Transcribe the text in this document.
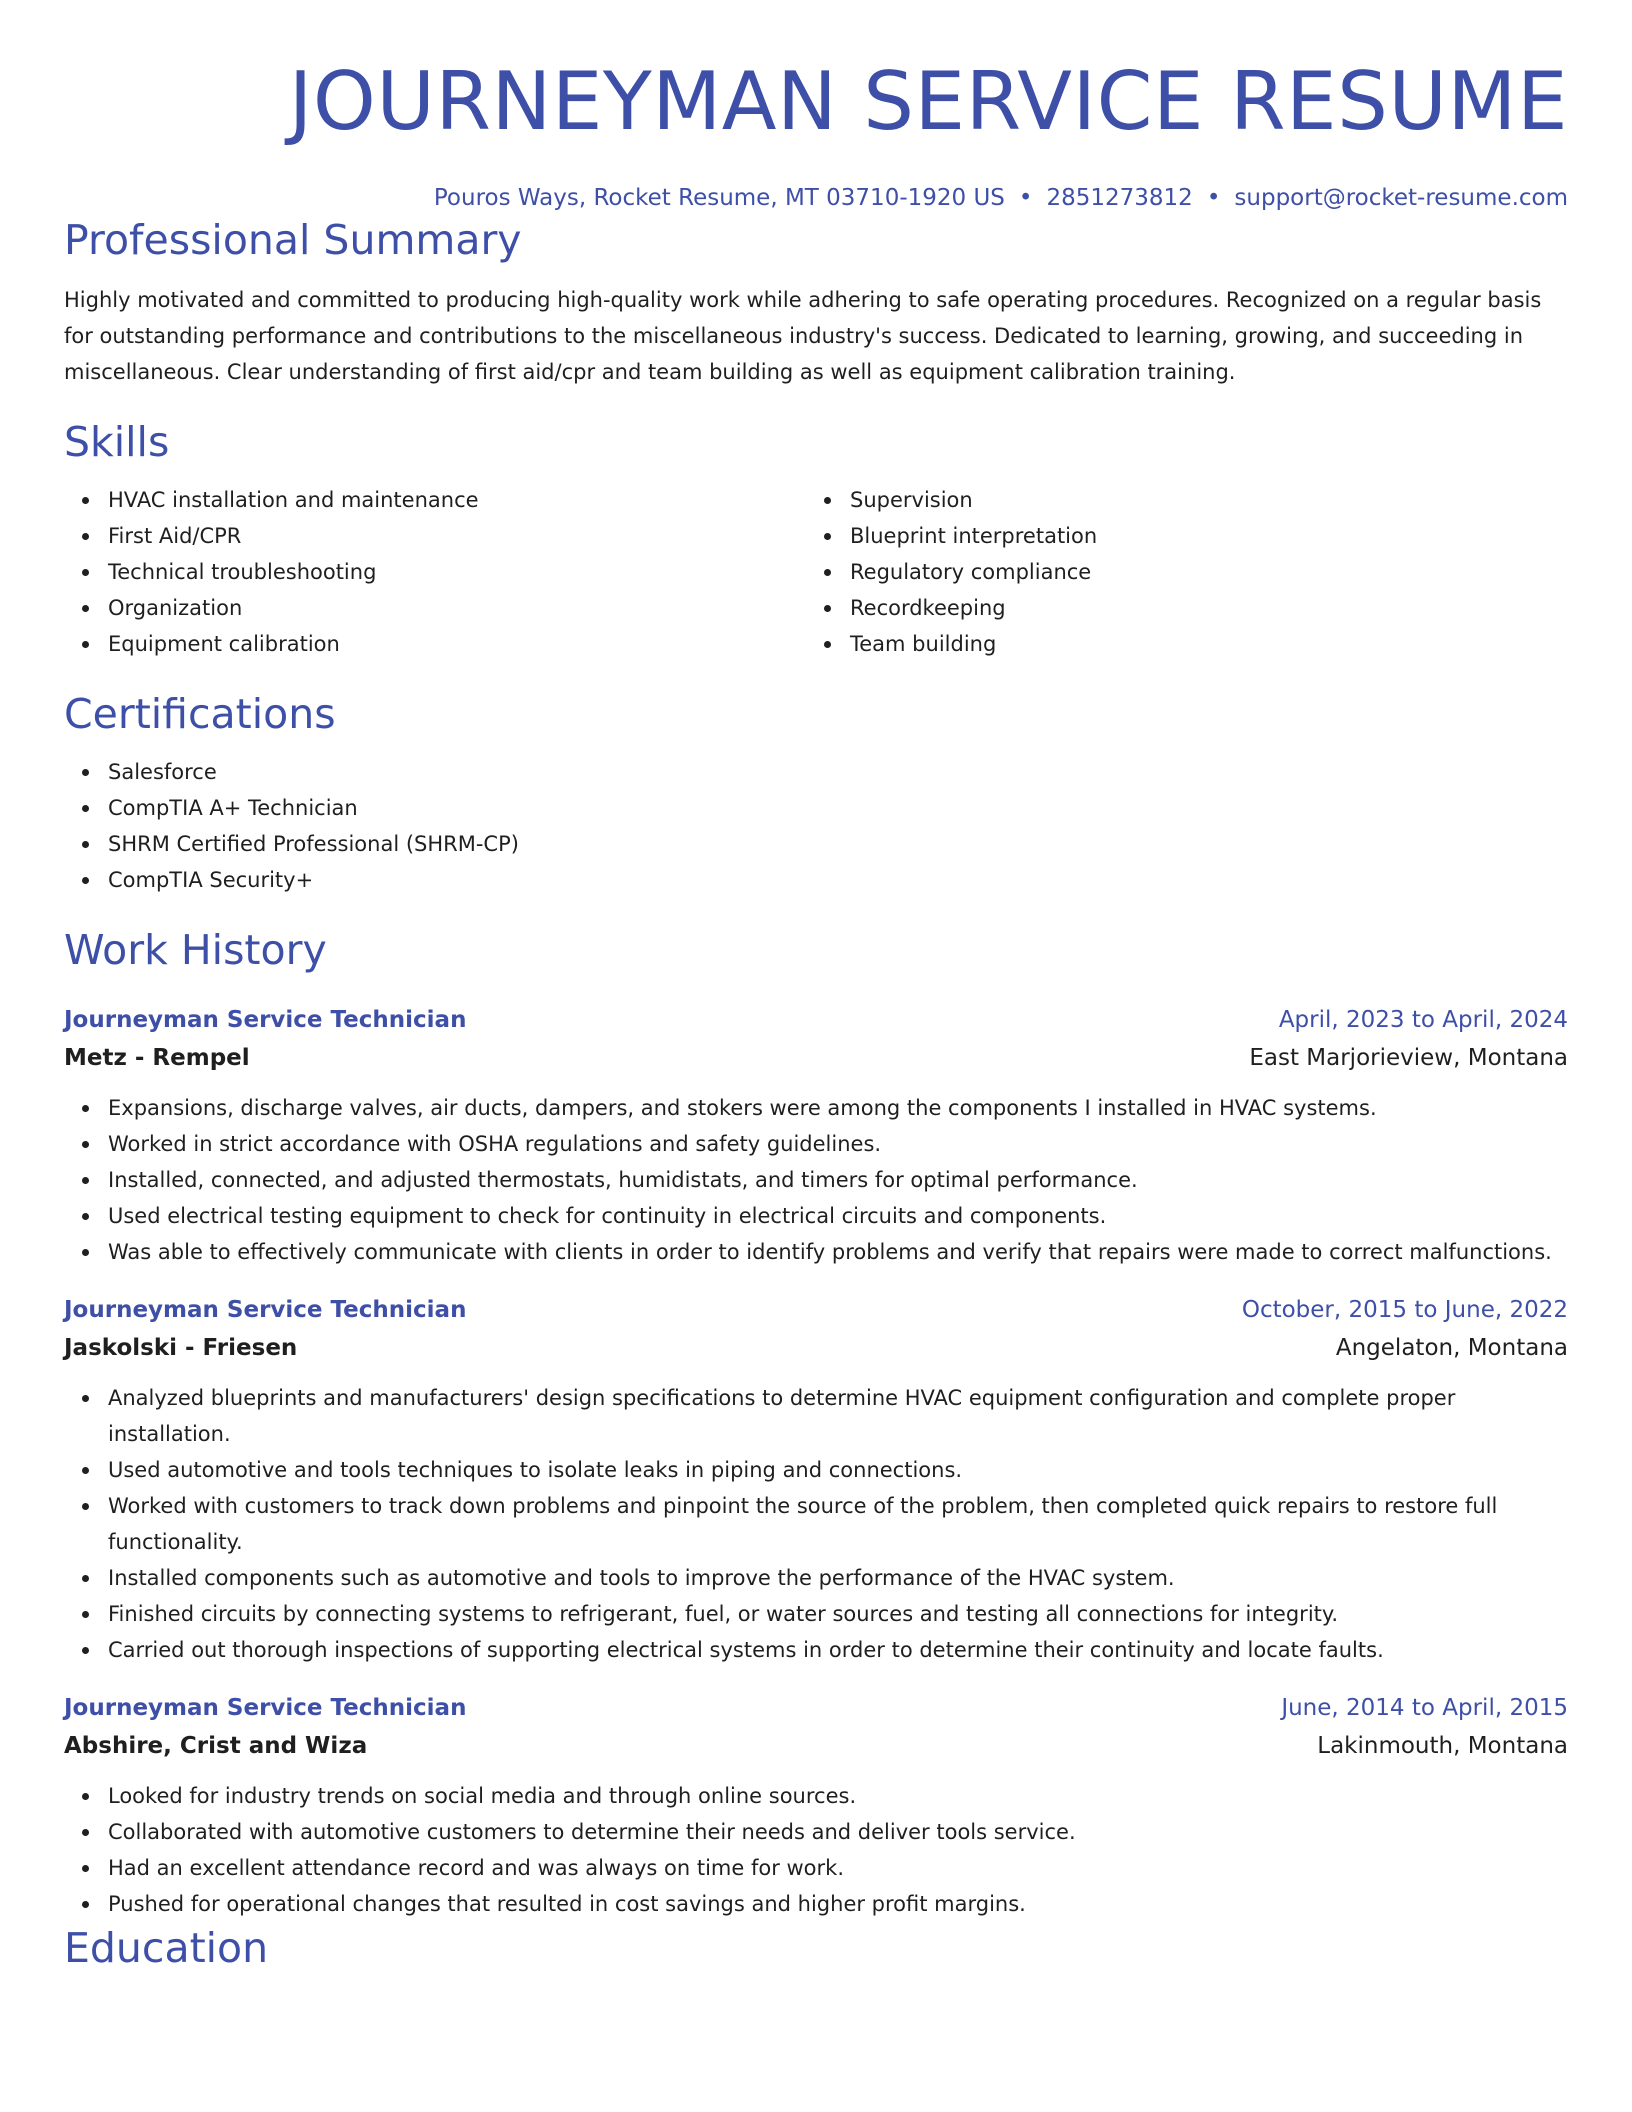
JOURNEYMAN SERVICE RESUME
Pouros Ways, Rocket Resume, MT 03710-1920 US • 2851273812 • support@rocket-resume.com
Professional Summary

Highly motivated and committed to producing high-quality work while adhering to safe operating procedures. Recognized on a regular basis for outstanding performance and contributions to the miscellaneous industry's success. Dedicated to learning, growing, and succeeding in miscellaneous. Clear understanding of first aid/cpr and team building as well as equipment calibration training.

Skills
HVAC installation and maintenance
First Aid/CPR
Technical troubleshooting
Organization
Equipment calibration
Supervision
Blueprint interpretation
Regulatory compliance
Recordkeeping
Team building
Certifications
Salesforce
CompTIA A+ Technician
SHRM Certified Professional (SHRM-CP)
CompTIA Security+
Work History
Journeyman Service Technician	April, 2023 to April, 2024
Metz - Rempel	East Marjorieview, Montana
Expansions, discharge valves, air ducts, dampers, and stokers were among the components I installed in HVAC systems.
Worked in strict accordance with OSHA regulations and safety guidelines.
Installed, connected, and adjusted thermostats, humidistats, and timers for optimal performance.
Used electrical testing equipment to check for continuity in electrical circuits and components.
Was able to effectively communicate with clients in order to identify problems and verify that repairs were made to correct malfunctions.
Journeyman Service Technician	October, 2015 to June, 2022
Jaskolski - Friesen	Angelaton, Montana
Analyzed blueprints and manufacturers' design specifications to determine HVAC equipment configuration and complete proper installation.
Used automotive and tools techniques to isolate leaks in piping and connections.
Worked with customers to track down problems and pinpoint the source of the problem, then completed quick repairs to restore full functionality.
Installed components such as automotive and tools to improve the performance of the HVAC system.
Finished circuits by connecting systems to refrigerant, fuel, or water sources and testing all connections for integrity.
Carried out thorough inspections of supporting electrical systems in order to determine their continuity and locate faults.
Journeyman Service Technician	June, 2014 to April, 2015
Abshire, Crist and Wiza	Lakinmouth, Montana
Looked for industry trends on social media and through online sources.
Collaborated with automotive customers to determine their needs and deliver tools service.
Had an excellent attendance record and was always on time for work.
Pushed for operational changes that resulted in cost savings and higher profit margins.
Education
